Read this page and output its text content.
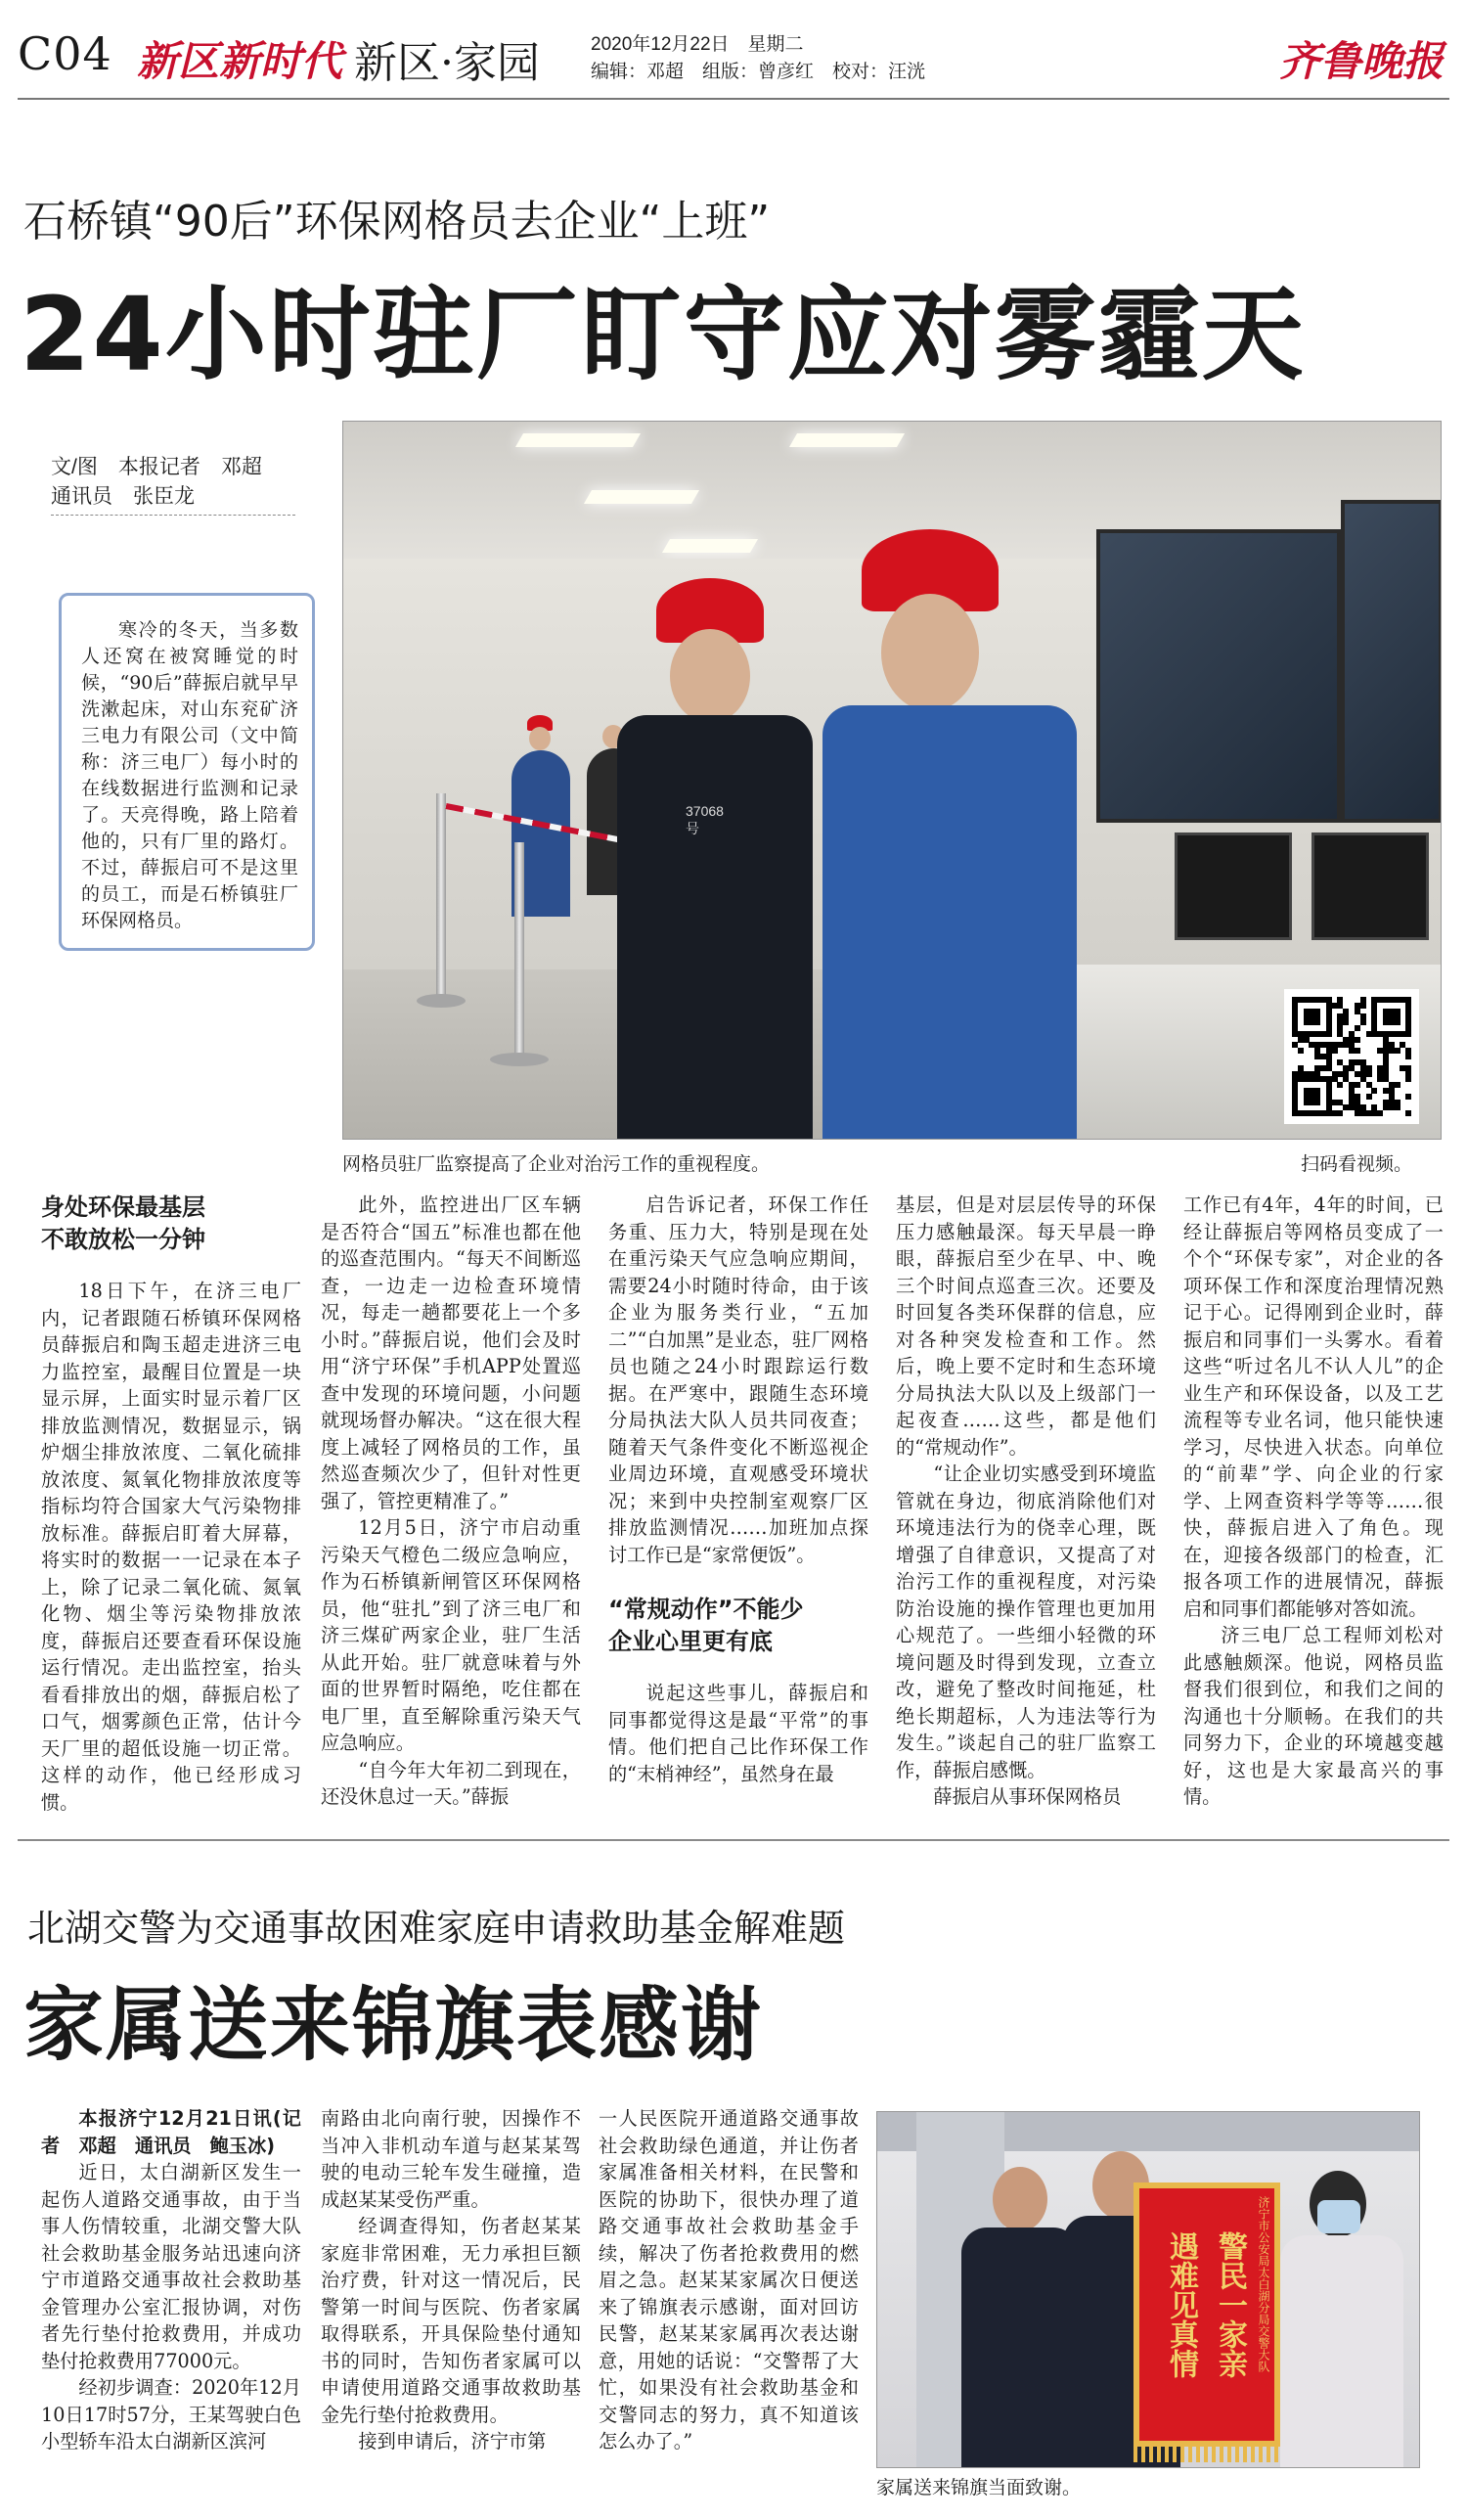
C04 新区新时代 新区·家园	2020年12月22日　星期二
编辑：邓超　组版：曾彦红　校对：汪洸	齐鲁晚报
石桥镇“90后”环保网格员去企业“上班”
24小时驻厂盯守应对雾霾天
文/图　本报记者　邓超
通讯员　张臣龙
寒冷的冬天，当多数人还窝在被窝睡觉的时候，“90后”薛振启就早早洗漱起床，对山东兖矿济三电力有限公司（文中简称：济三电厂）每小时的在线数据进行监测和记录了。天亮得晚，路上陪着他的，只有厂里的路灯。不过，薛振启可不是这里的员工，而是石桥镇驻厂环保网格员。
37068号
网格员驻厂监察提高了企业对治污工作的重视程度。	扫码看视频。

身处环保最基层
不敢放松一分钟

18日下午，在济三电厂内，记者跟随石桥镇环保网格员薛振启和陶玉超走进济三电力监控室，最醒目位置是一块显示屏，上面实时显示着厂区排放监测情况，数据显示，锅炉烟尘排放浓度、二氧化硫排放浓度、氮氧化物排放浓度等指标均符合国家大气污染物排放标准。薛振启盯着大屏幕，将实时的数据一一记录在本子上，除了记录二氧化硫、氮氧化物、烟尘等污染物排放浓度，薛振启还要查看环保设施运行情况。走出监控室，抬头看看排放出的烟，薛振启松了口气，烟雾颜色正常，估计今天厂里的超低设施一切正常。这样的动作，他已经形成习惯。

此外，监控进出厂区车辆是否符合“国五”标准也都在他的巡查范围内。“每天不间断巡查，一边走一边检查环境情况，每走一趟都要花上一个多小时。”薛振启说，他们会及时用“济宁环保”手机APP处置巡查中发现的环境问题，小问题就现场督办解决。“这在很大程度上减轻了网格员的工作，虽然巡查频次少了，但针对性更强了，管控更精准了。”

12月5日，济宁市启动重污染天气橙色二级应急响应，作为石桥镇新闸管区环保网格员，他“驻扎”到了济三电厂和济三煤矿两家企业，驻厂生活从此开始。驻厂就意味着与外面的世界暂时隔绝，吃住都在电厂里，直至解除重污染天气应急响应。

“自今年大年初二到现在，还没休息过一天。”薛振

启告诉记者，环保工作任务重、压力大，特别是现在处在重污染天气应急响应期间，需要24小时随时待命，由于该企业为服务类行业，“五加二”“白加黑”是业态，驻厂网格员也随之24小时跟踪运行数据。在严寒中，跟随生态环境分局执法大队人员共同夜查；随着天气条件变化不断巡视企业周边环境，直观感受环境状况；来到中央控制室观察厂区排放监测情况……加班加点探讨工作已是“家常便饭”。

“常规动作”不能少
企业心里更有底

说起这些事儿，薛振启和同事都觉得这是最“平常”的事情。他们把自己比作环保工作的“末梢神经”，虽然身在最

基层，但是对层层传导的环保压力感触最深。每天早晨一睁眼，薛振启至少在早、中、晚三个时间点巡查三次。还要及时回复各类环保群的信息，应对各种突发检查和工作。然后，晚上要不定时和生态环境分局执法大队以及上级部门一起夜查……这些，都是他们的“常规动作”。

“让企业切实感受到环境监管就在身边，彻底消除他们对环境违法行为的侥幸心理，既增强了自律意识，又提高了对治污工作的重视程度，对污染防治设施的操作管理也更加用心规范了。一些细小轻微的环境问题及时得到发现，立查立改，避免了整改时间拖延，杜绝长期超标，人为违法等行为发生。”谈起自己的驻厂监察工作，薛振启感慨。

薛振启从事环保网格员

工作已有4年，4年的时间，已经让薛振启等网格员变成了一个个“环保专家”，对企业的各项环保工作和深度治理情况熟记于心。记得刚到企业时，薛振启和同事们一头雾水。看着这些“听过名儿不认人儿”的企业生产和环保设备，以及工艺流程等专业名词，他只能快速学习，尽快进入状态。向单位的“前辈”学、向企业的行家学、上网查资料学等等……很快，薛振启进入了角色。现在，迎接各级部门的检查，汇报各项工作的进展情况，薛振启和同事们都能够对答如流。

济三电厂总工程师刘松对此感触颇深。他说，网格员监督我们很到位，和我们之间的沟通也十分顺畅。在我们的共同努力下，企业的环境越变越好，这也是大家最高兴的事情。

北湖交警为交通事故困难家庭申请救助基金解难题
家属送来锦旗表感谢

本报济宁12月21日讯(记者　邓超　通讯员　鲍玉冰)

近日，太白湖新区发生一起伤人道路交通事故，由于当事人伤情较重，北湖交警大队社会救助基金服务站迅速向济宁市道路交通事故社会救助基金管理办公室汇报协调，对伤者先行垫付抢救费用，并成功垫付抢救费用77000元。

经初步调查：2020年12月10日17时57分，王某驾驶白色小型轿车沿太白湖新区滨河

南路由北向南行驶，因操作不当冲入非机动车道与赵某某驾驶的电动三轮车发生碰撞，造成赵某某受伤严重。

经调查得知，伤者赵某某家庭非常困难，无力承担巨额治疗费，针对这一情况后，民警第一时间与医院、伤者家属取得联系，开具保险垫付通知书的同时，告知伤者家属可以申请使用道路交通事故救助基金先行垫付抢救费用。

接到申请后，济宁市第

一人民医院开通道路交通事故社会救助绿色通道，并让伤者家属准备相关材料，在民警和医院的协助下，很快办理了道路交通事故社会救助基金手续，解决了伤者抢救费用的燃眉之急。赵某某家属次日便送来了锦旗表示感谢，面对回访民警，赵某某家属再次表达谢意，用她的话说：“交警帮了大忙，如果没有社会救助基金和交警同志的努力，真不知道该怎么办了。”

济宁市公安局太白湖分局交警大队
警民一家亲
遇难见真情
家属送来锦旗当面致谢。
